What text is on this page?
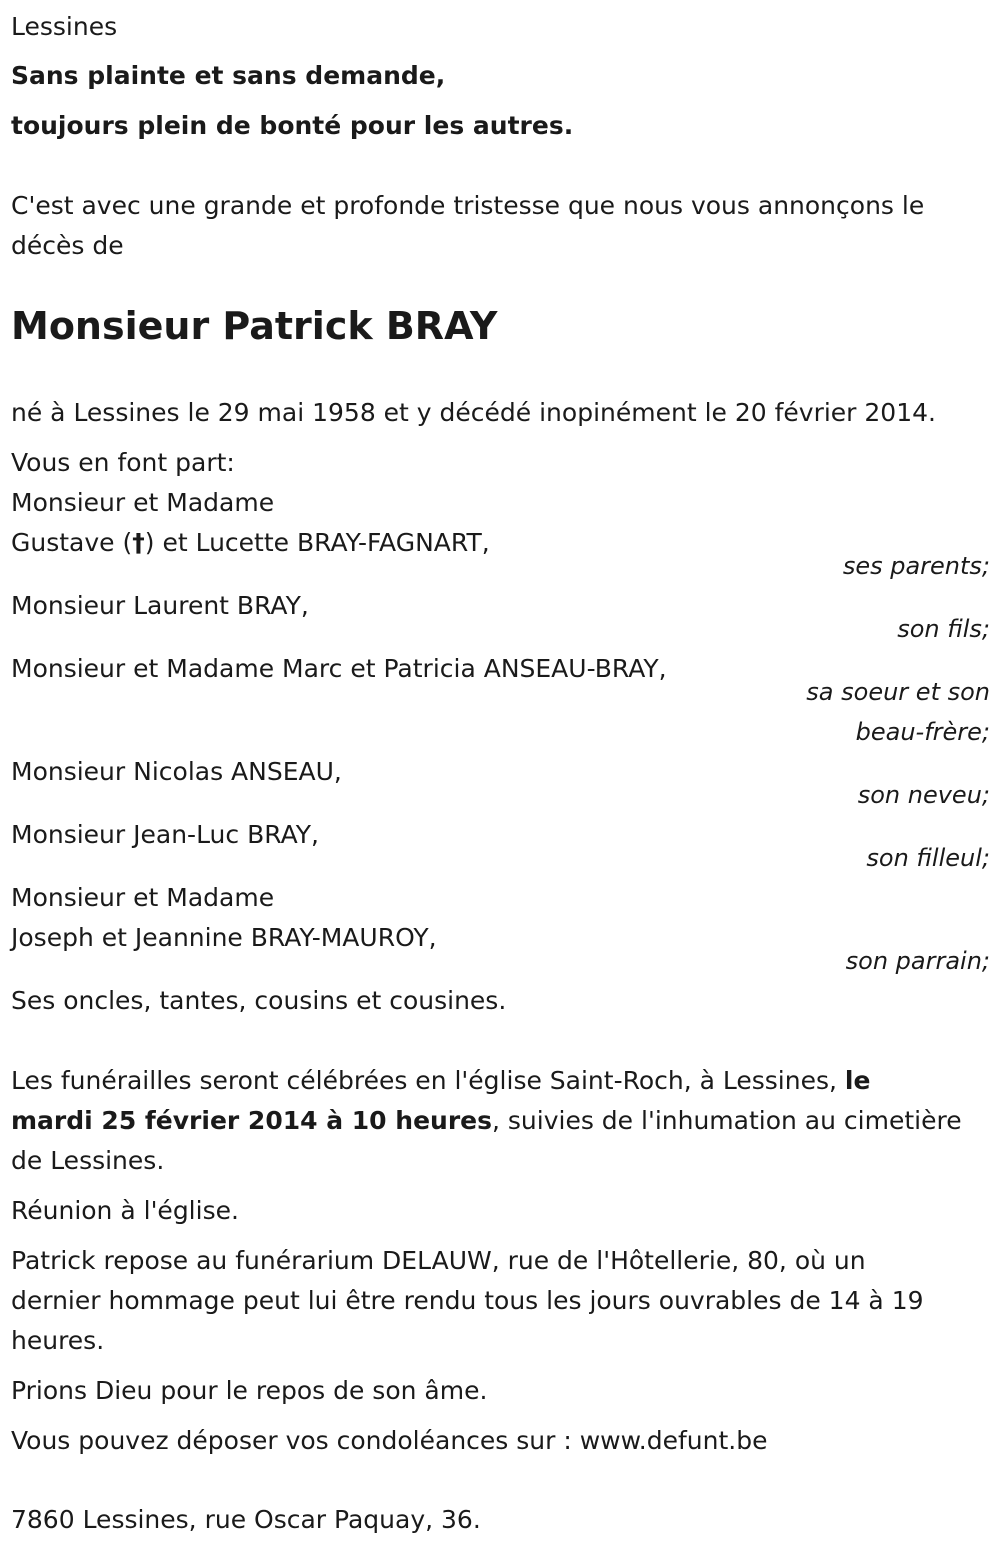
Lessines
Sans plainte et sans demande,
toujours plein de bonté pour les autres.
C'est avec une grande et profonde tristesse que nous vous annonçons le
décès de
Monsieur Patrick BRAY
né à Lessines le 29 mai 1958 et y décédé inopinément le 20 février 2014.
Vous en font part:
Monsieur et Madame
Gustave (†) et Lucette BRAY-FAGNART,
ses parents;
Monsieur Laurent BRAY,
son fils;
Monsieur et Madame Marc et Patricia ANSEAU-BRAY,
sa soeur et son
beau-frère;
Monsieur Nicolas ANSEAU,
son neveu;
Monsieur Jean-Luc BRAY,
son filleul;
Monsieur et Madame
Joseph et Jeannine BRAY-MAUROY,
son parrain;
Ses oncles, tantes, cousins et cousines.
Les funérailles seront célébrées en l'église Saint-Roch, à Lessines, le
mardi 25 février 2014 à 10 heures, suivies de l'inhumation au cimetière
de Lessines.
Réunion à l'église.
Patrick repose au funérarium DELAUW, rue de l'Hôtellerie, 80, où un
dernier hommage peut lui être rendu tous les jours ouvrables de 14 à 19
heures.
Prions Dieu pour le repos de son âme.
Vous pouvez déposer vos condoléances sur : www.defunt.be
7860 Lessines, rue Oscar Paquay, 36.
